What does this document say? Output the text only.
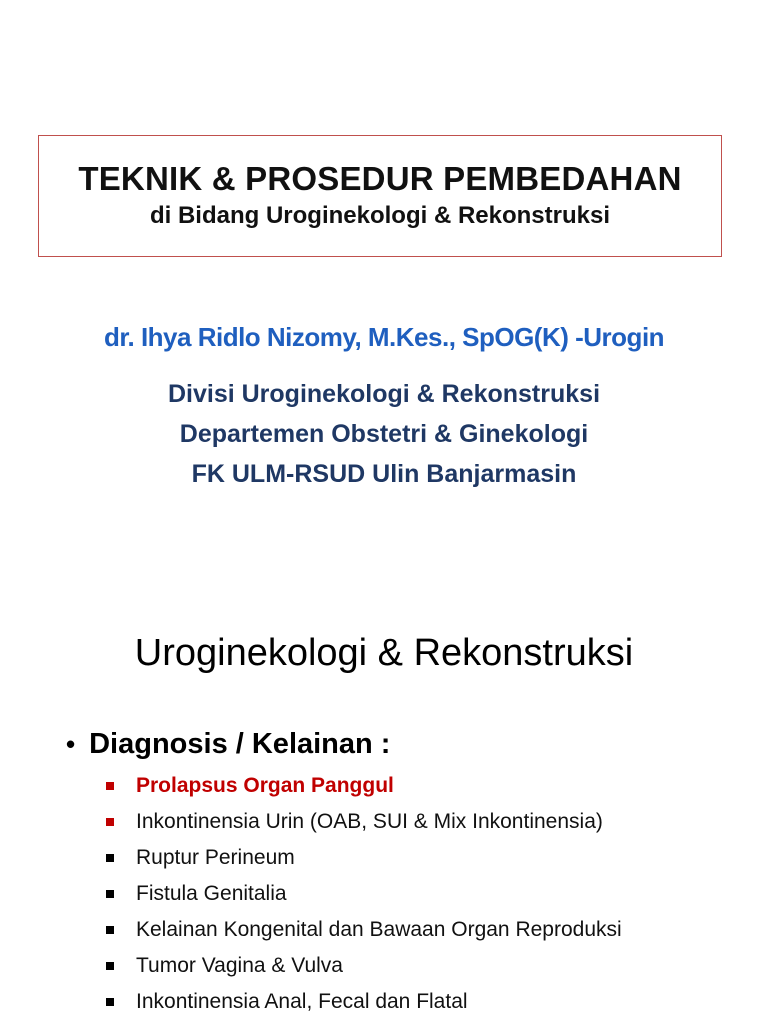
TEKNIK & PROSEDUR PEMBEDAHAN
di Bidang Uroginekologi & Rekonstruksi
dr. Ihya Ridlo Nizomy, M.Kes., SpOG(K) -Urogin
Divisi Uroginekologi & Rekonstruksi
Departemen Obstetri & Ginekologi
FK ULM-RSUD Ulin Banjarmasin
Uroginekologi & Rekonstruksi
• Diagnosis / Kelainan :
Prolapsus Organ Panggul
Inkontinensia Urin (OAB, SUI & Mix Inkontinensia)
Ruptur Perineum
Fistula Genitalia
Kelainan Kongenital dan Bawaan Organ Reproduksi
Tumor Vagina & Vulva
Inkontinensia Anal, Fecal dan Flatal
